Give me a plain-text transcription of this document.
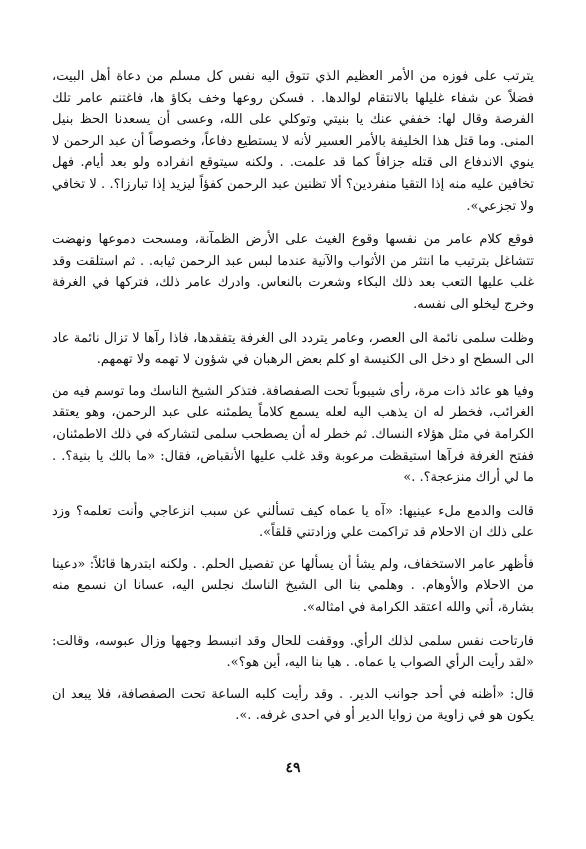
يترتب على فوزه من الأمر العظيم الذي تتوق اليه نفس كل مسلم من دعاة أهل البيت، فضلاً عن شفاء غليلها بالانتقام لوالدها. . فسكن روعها وخف بكاؤ ها، فاغتنم عامر تلك الفرصة وقال لها: خففي عنك يا بنيتي وتوكلي على الله، وعسى أن يسعدنا الحظ بنيل المنى. وما قتل هذا الخليفة بالأمر العسير لأنه لا يستطيع دفاعاً، وخصوصاً أن عبد الرحمن لا ينوي الاندفاع الى قتله جزافاً كما قد علمت. . ولكنه سيتوقع انفراده ولو بعد أيام. فهل تخافين عليه منه إذا التقيا منفردين؟ ألا تظنين عبد الرحمن كفؤاً ليزيد إذا تبارزا؟. . لا تخافي ولا تجزعي».

فوقع كلام عامر من نفسها وقوع الغيث على الأرض الظمآنة، ومسحت دموعها ونهضت تتشاغل بترتيب ما انتثر من الأثواب والآنية عندما لبس عبد الرحمن ثيابه. . ثم استلقت وقد غلب عليها التعب بعد ذلك البكاء وشعرت بالنعاس. وادرك عامر ذلك، فتركها في الغرفة وخرج ليخلو الى نفسه.

وظلت سلمى نائمة الى العصر، وعامر يتردد الى الغرفة يتفقدها، فاذا رآها لا تزال نائمة عاد الى السطح او دخل الى الكنيسة او كلم بعض الرهبان في شؤون لا تهمه ولا تهمهم.

وفيا هو عائد ذات مرة، رأى شيبوباً تحت الصفصافة. فتذكر الشيخ الناسك وما توسم فيه من الغرائب، فخطر له ان يذهب اليه لعله يسمع كلاماً يطمئنه على عبد الرحمن، وهو يعتقد الكرامة في مثل هؤلاء النساك. ثم خطر له أن يصطحب سلمى لتشاركه في ذلك الاطمئنان، ففتح الغرفة فرآها استيقظت مرعوبة وقد غلب عليها الأنقباض، فقال: «ما بالك يا بنية؟. . ما لي أراك منزعجة؟. .»

قالت والدمع ملء عينيها: «آه يا عماه كيف تسألني عن سبب انزعاجي وأنت تعلمه؟ وزد على ذلك ان الاحلام قد تراكمت علي وزادتني قلقاً».

فأظهر عامر الاستخفاف، ولم يشأ أن يسألها عن تفصيل الحلم. . ولكنه ابتدرها قائلاً: «دعينا من الاحلام والأوهام. . وهلمي بنا الى الشيخ الناسك نجلس اليه، عسانا ان نسمع منه بشارة، أني والله اعتقد الكرامة في امثاله».

فارتاحت نفس سلمى لذلك الرأي. ووقفت للحال وقد انبسط وجهها وزال عبوسه، وقالت: «لقد رأيت الرأي الصواب يا عماه. . هيا بنا اليه، أين هو؟».

قال: «أظنه في أحد جوانب الدير. . وقد رأيت كلبه الساعة تحت الصفصافة، فلا يبعد ان يكون هو في زاوية من زوايا الدير أو في احدى غرفه. .».

٤٩
